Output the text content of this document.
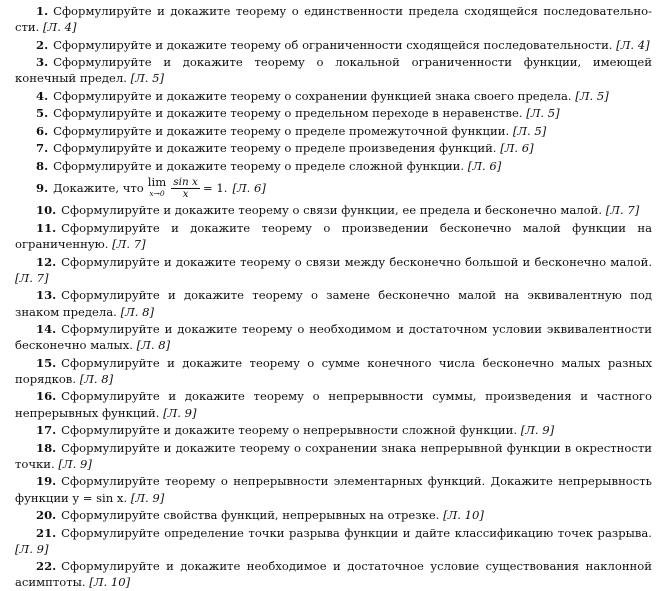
1. Сформулируйте и докажите теорему о единственности предела сходящейся последовательно-сти. [Л. 4]
2. Сформулируйте и докажите теорему об ограниченности сходящейся последовательности. [Л. 4]
3. Сформулируйте и докажите теорему о локальной ограниченности функции, имеющей конечный предел. [Л. 5]
4. Сформулируйте и докажите теорему о сохранении функцией знака своего предела. [Л. 5]
5. Сформулируйте и докажите теорему о предельном переходе в неравенстве. [Л. 5]
6. Сформулируйте и докажите теорему о пределе промежуточной функции. [Л. 5]
7. Сформулируйте и докажите теорему о пределе произведения функций. [Л. 6]
8. Сформулируйте и докажите теорему о пределе сложной функции. [Л. 6]
9. Докажите, что lim
$x\to 0 \frac{\text{sin x}}{x} = 1$. [Л. 6]
10. Сформулируйте и докажите теорему о связи функции, ее предела и бесконечно малой. [Л. 7]
11. Сформулируйте и докажите теорему о произведении бесконечно малой функции на ограниченную. [Л. 7]
12. Сформулируйте и докажите теорему о связи между бесконечно большой и бесконечно малой. [Л. 7]
13. Сформулируйте и докажите теорему о замене бесконечно малой на эквивалентную под знаком предела. [Л. 8]
14. Сформулируйте и докажите теорему о необходимом и достаточном условии эквивалентности бесконечно малых. [Л. 8]
15. Сформулируйте и докажите теорему о сумме конечного числа бесконечно малых разных порядков. [Л. 8]
16. Сформулируйте и докажите теорему о непрерывности суммы, произведения и частного непрерывных функций. [Л. 9]
17. Сформулируйте и докажите теорему о непрерывности сложной функции. [Л. 9]
18. Сформулируйте и докажите теорему о сохранении знака непрерывной функции в окрестности точки. [Л. 9]
19. Сформулируйте теорему о непрерывности элементарных функций. Докажите непрерывность функции y = sin x. [Л. 9]
20. Сформулируйте свойства функций, непрерывных на отрезке. [Л. 10]
21. Сформулируйте определение точки разрыва функции и дайте классификацию точек разрыва. [Л. 9]
22. Сформулируйте и докажите необходимое и достаточное условие существования наклонной асимптоты. [Л. 10]
